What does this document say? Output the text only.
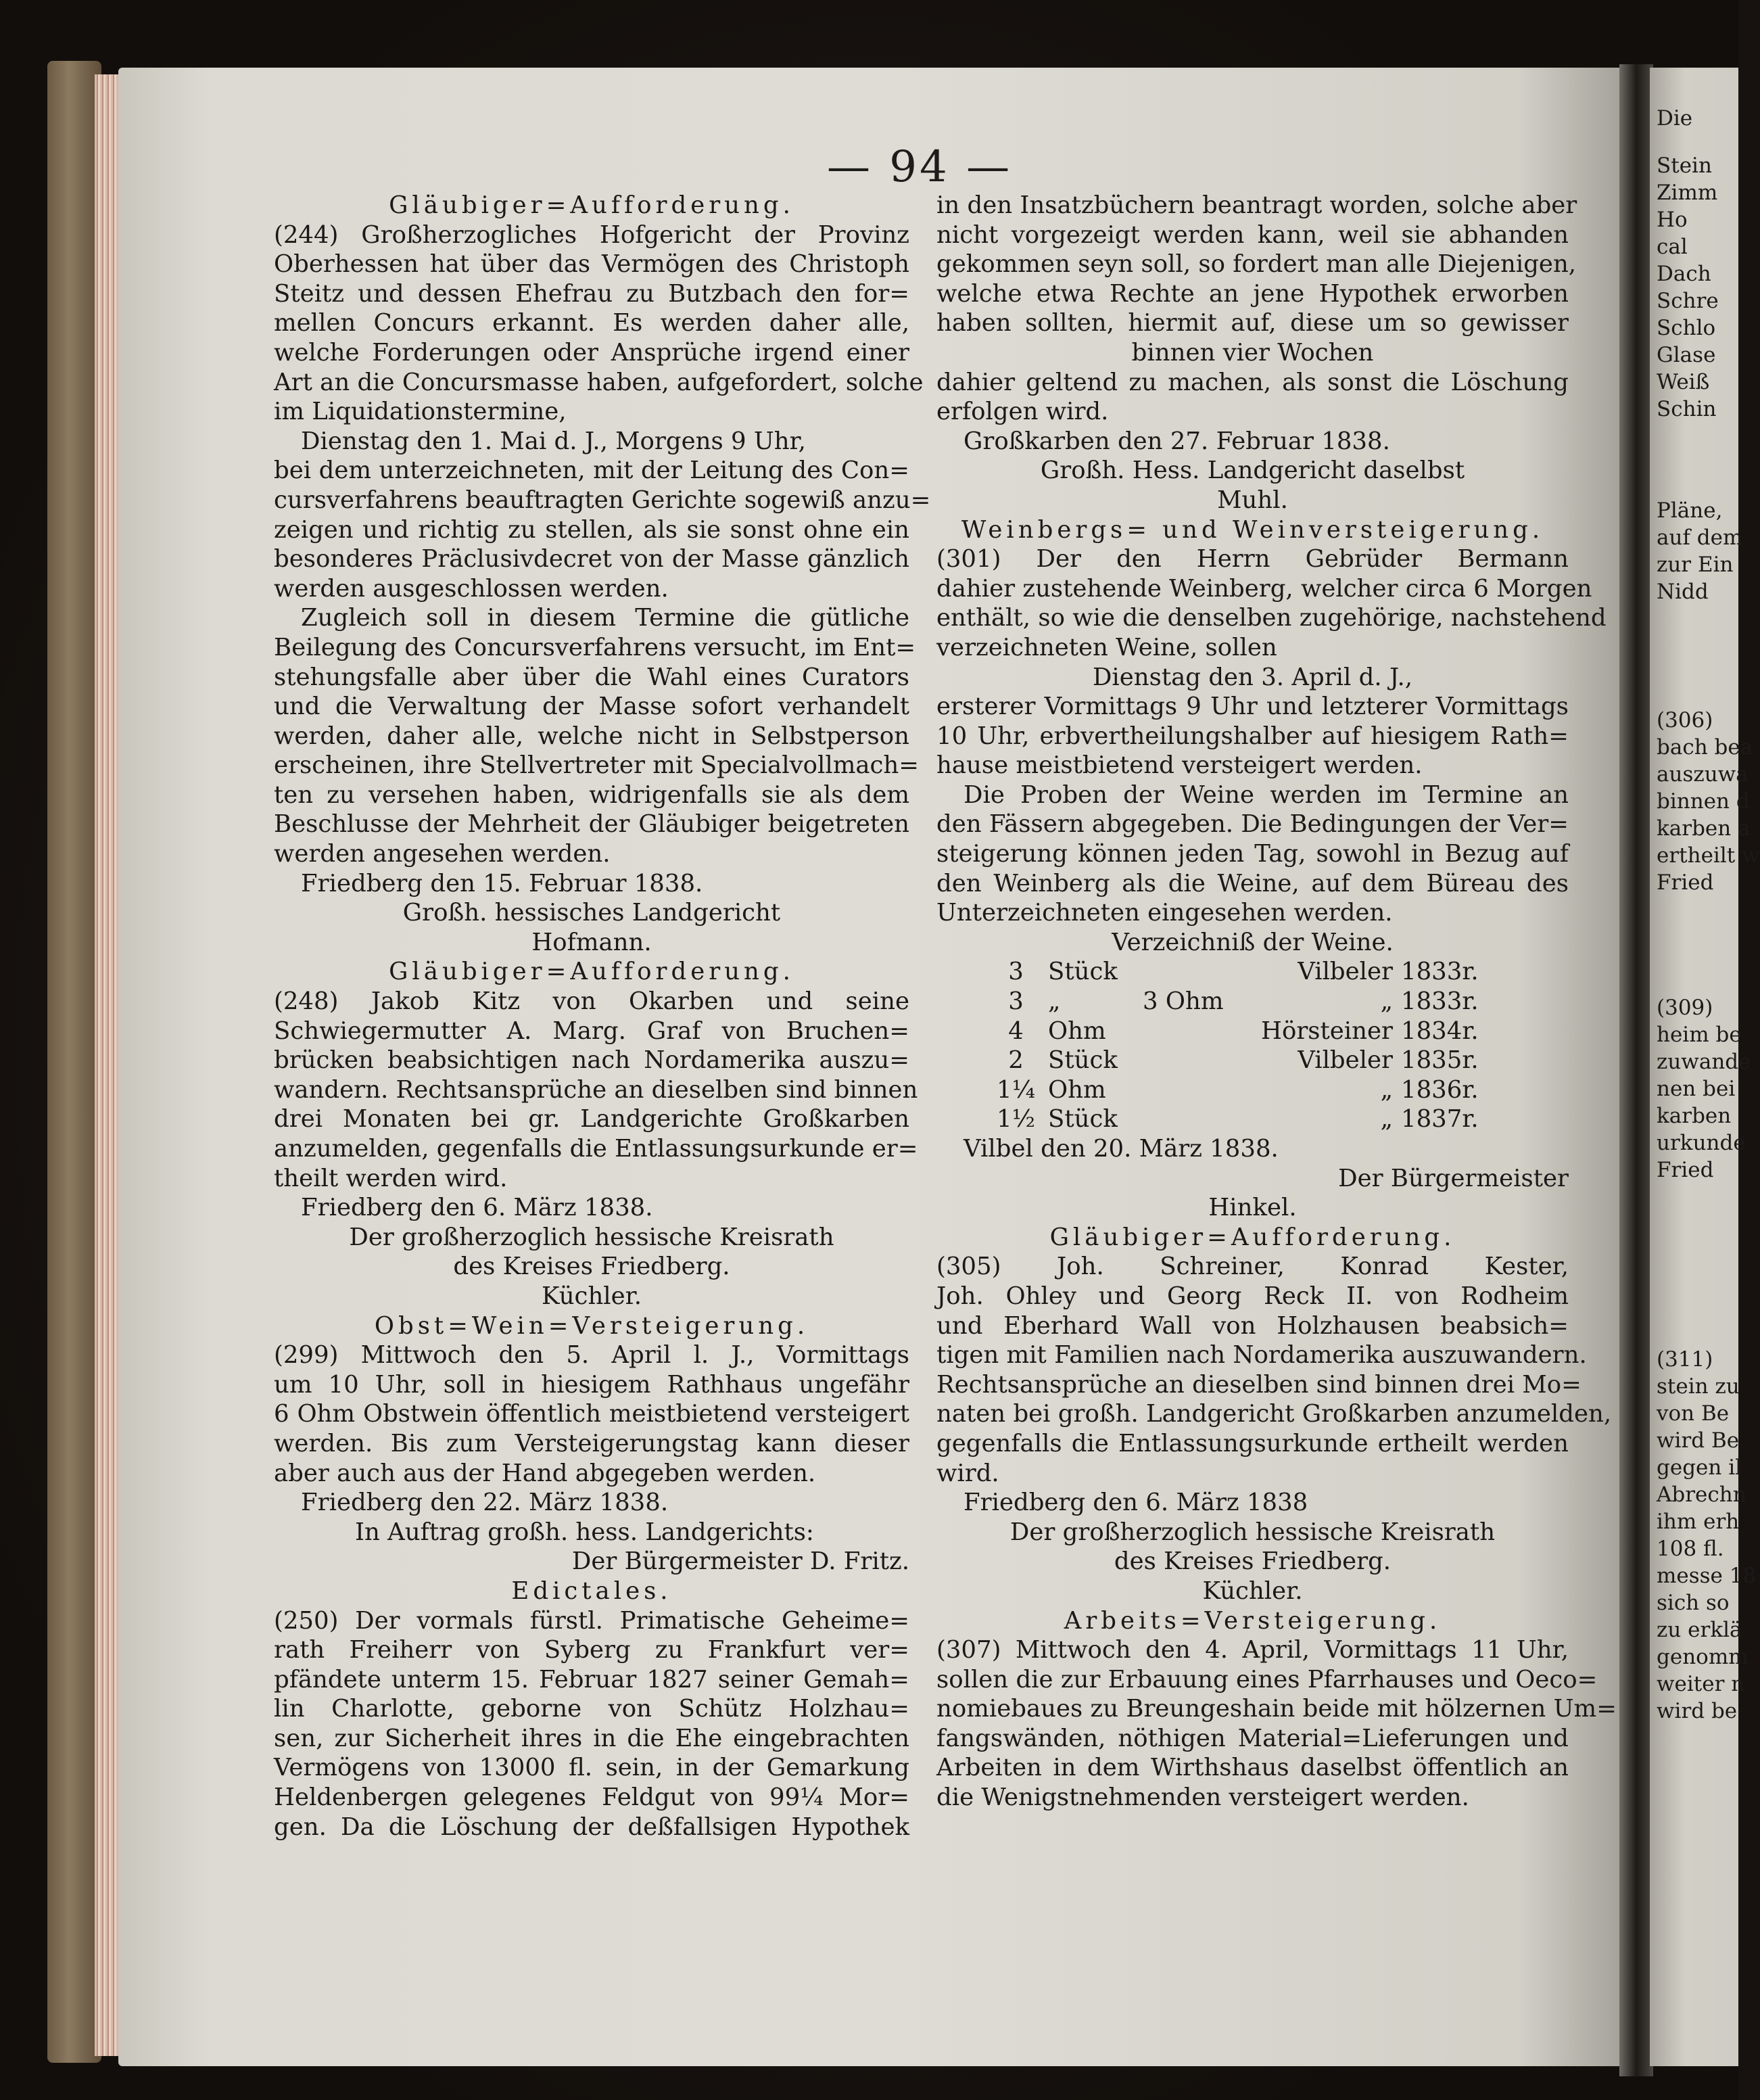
Die
Stein
Zimm
Ho
cal
Dach
Schre
Schlo
Glase
Weiß
Schin
Pläne,
auf dem
zur Ein
Nidd
(306)
bach bea
auszuwa
binnen d
karben a
ertheilt w
Fried
(309)
heim be
zuwande
nen bei
karben
urkunde
Fried
(311)
stein zu
von Be
wird Be
gegen il
Abrechn
ihm erh
108 fl.
messe 18
sich so
zu erklä
genomm
weiter n
wird be
— 94 —
Gläubiger=Aufforderung.
(244) Großherzogliches Hofgericht der Provinz
Oberhessen hat über das Vermögen des Christoph
Steitz und dessen Ehefrau zu Butzbach den for=
mellen Concurs erkannt. Es werden daher alle,
welche Forderungen oder Ansprüche irgend einer
Art an die Concursmasse haben, aufgefordert, solche
im Liquidationstermine,
Dienstag den 1. Mai d. J., Morgens 9 Uhr,
bei dem unterzeichneten, mit der Leitung des Con=
cursverfahrens beauftragten Gerichte sogewiß anzu=
zeigen und richtig zu stellen, als sie sonst ohne ein
besonderes Präclusivdecret von der Masse gänzlich
werden ausgeschlossen werden.
Zugleich soll in diesem Termine die gütliche
Beilegung des Concursverfahrens versucht, im Ent=
stehungsfalle aber über die Wahl eines Curators
und die Verwaltung der Masse sofort verhandelt
werden, daher alle, welche nicht in Selbstperson
erscheinen, ihre Stellvertreter mit Specialvollmach=
ten zu versehen haben, widrigenfalls sie als dem
Beschlusse der Mehrheit der Gläubiger beigetreten
werden angesehen werden.
Friedberg den 15. Februar 1838.
Großh. hessisches Landgericht
Hofmann.
Gläubiger=Aufforderung.
(248) Jakob Kitz von Okarben und seine
Schwiegermutter A. Marg. Graf von Bruchen=
brücken beabsichtigen nach Nordamerika auszu=
wandern. Rechtsansprüche an dieselben sind binnen
drei Monaten bei gr. Landgerichte Großkarben
anzumelden, gegenfalls die Entlassungsurkunde er=
theilt werden wird.
Friedberg den 6. März 1838.
Der großherzoglich hessische Kreisrath
des Kreises Friedberg.
Küchler.
Obst=Wein=Versteigerung.
(299) Mittwoch den 5. April l. J., Vormittags
um 10 Uhr, soll in hiesigem Rathhaus ungefähr
6 Ohm Obstwein öffentlich meistbietend versteigert
werden. Bis zum Versteigerungstag kann dieser
aber auch aus der Hand abgegeben werden.
Friedberg den 22. März 1838.
In Auftrag großh. hess. Landgerichts:
Der Bürgermeister D. Fritz.
Edictales.
(250) Der vormals fürstl. Primatische Geheime=
rath Freiherr von Syberg zu Frankfurt ver=
pfändete unterm 15. Februar 1827 seiner Gemah=
lin Charlotte, geborne von Schütz Holzhau=
sen, zur Sicherheit ihres in die Ehe eingebrachten
Vermögens von 13000 fl. sein, in der Gemarkung
Heldenbergen gelegenes Feldgut von 99¼ Mor=
gen. Da die Löschung der deßfallsigen Hypothek
in den Insatzbüchern beantragt worden, solche aber
nicht vorgezeigt werden kann, weil sie abhanden
gekommen seyn soll, so fordert man alle Diejenigen,
welche etwa Rechte an jene Hypothek erworben
haben sollten, hiermit auf, diese um so gewisser
binnen vier Wochen
dahier geltend zu machen, als sonst die Löschung
erfolgen wird.
Großkarben den 27. Februar 1838.
Großh. Hess. Landgericht daselbst
Muhl.
Weinbergs= und Weinversteigerung.
(301) Der den Herrn Gebrüder Bermann
dahier zustehende Weinberg, welcher circa 6 Morgen
enthält, so wie die denselben zugehörige, nachstehend
verzeichneten Weine, sollen
Dienstag den 3. April d. J.,
ersterer Vormittags 9 Uhr und letzterer Vormittags
10 Uhr, erbvertheilungshalber auf hiesigem Rath=
hause meistbietend versteigert werden.
Die Proben der Weine werden im Termine an
den Fässern abgegeben. Die Bedingungen der Ver=
steigerung können jeden Tag, sowohl in Bezug auf
den Weinberg als die Weine, auf dem Büreau des
Unterzeichneten eingesehen werden.
Verzeichniß der Weine.
3	Stück	Vilbeler 1833r.
3	„	3 Ohm	„ 1833r.
4	Ohm	Hörsteiner 1834r.
2	Stück	Vilbeler 1835r.
1¼ Ohm	„ 1836r.
1½ Stück	„ 1837r.
Vilbel den 20. März 1838.
Der Bürgermeister
Hinkel.
Gläubiger=Aufforderung.
(305) Joh. Schreiner, Konrad Kester,
Joh. Ohley und Georg Reck II. von Rodheim
und Eberhard Wall von Holzhausen beabsich=
tigen mit Familien nach Nordamerika auszuwandern.
Rechtsansprüche an dieselben sind binnen drei Mo=
naten bei großh. Landgericht Großkarben anzumelden,
gegenfalls die Entlassungsurkunde ertheilt werden
wird.
Friedberg den 6. März 1838
Der großherzoglich hessische Kreisrath
des Kreises Friedberg.
Küchler.
Arbeits=Versteigerung.
(307) Mittwoch den 4. April, Vormittags 11 Uhr,
sollen die zur Erbauung eines Pfarrhauses und Oeco=
nomiebaues zu Breungeshain beide mit hölzernen Um=
fangswänden, nöthigen Material=Lieferungen und
Arbeiten in dem Wirthshaus daselbst öffentlich an
die Wenigstnehmenden versteigert werden.
